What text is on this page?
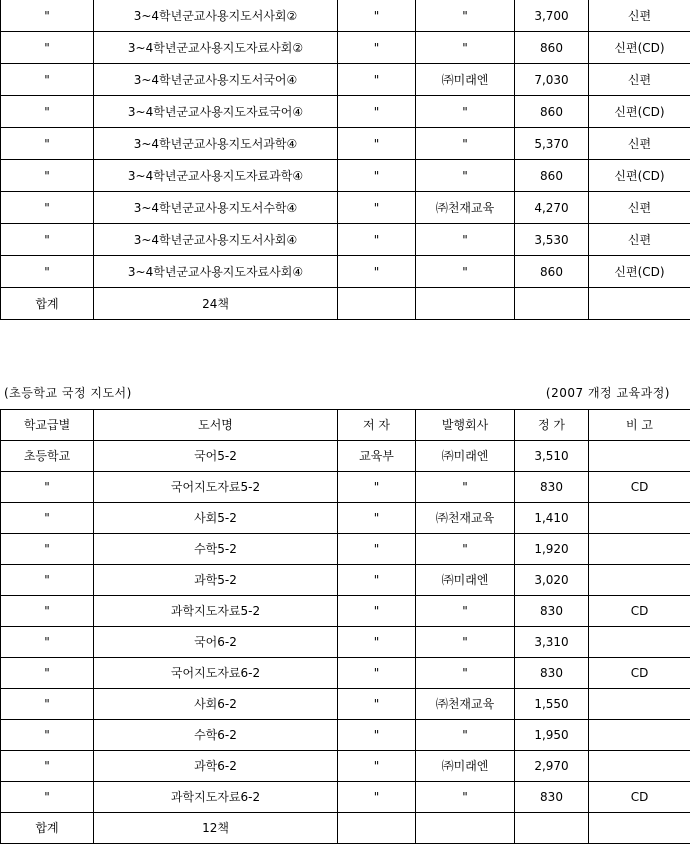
"	3~4학년군교사용지도서사회②	"	"	3,700	신편
"	3~4학년군교사용지도자료사회②	"	"	860	신편(CD)
"	3~4학년군교사용지도서국어④	"	㈜미래엔	7,030	신편
"	3~4학년군교사용지도자료국어④	"	"	860	신편(CD)
"	3~4학년군교사용지도서과학④	"	"	5,370	신편
"	3~4학년군교사용지도자료과학④	"	"	860	신편(CD)
"	3~4학년군교사용지도서수학④	"	㈜천재교육	4,270	신편
"	3~4학년군교사용지도서사회④	"	"	3,530	신편
"	3~4학년군교사용지도자료사회④	"	"	860	신편(CD)
합계	24책				
(초등학교 국정 지도서)	(2007 개정 교육과정)
학교급별	도서명	저 자	발행회사	정 가	비 고
초등학교	국어5-2	교육부	㈜미래엔	3,510	
"	국어지도자료5-2	"	"	830	CD
"	사회5-2	"	㈜천재교육	1,410	
"	수학5-2	"	"	1,920	
"	과학5-2	"	㈜미래엔	3,020	
"	과학지도자료5-2	"	"	830	CD
"	국어6-2	"	"	3,310	
"	국어지도자료6-2	"	"	830	CD
"	사회6-2	"	㈜천재교육	1,550	
"	수학6-2	"	"	1,950	
"	과학6-2	"	㈜미래엔	2,970	
"	과학지도자료6-2	"	"	830	CD
합계	12책				
